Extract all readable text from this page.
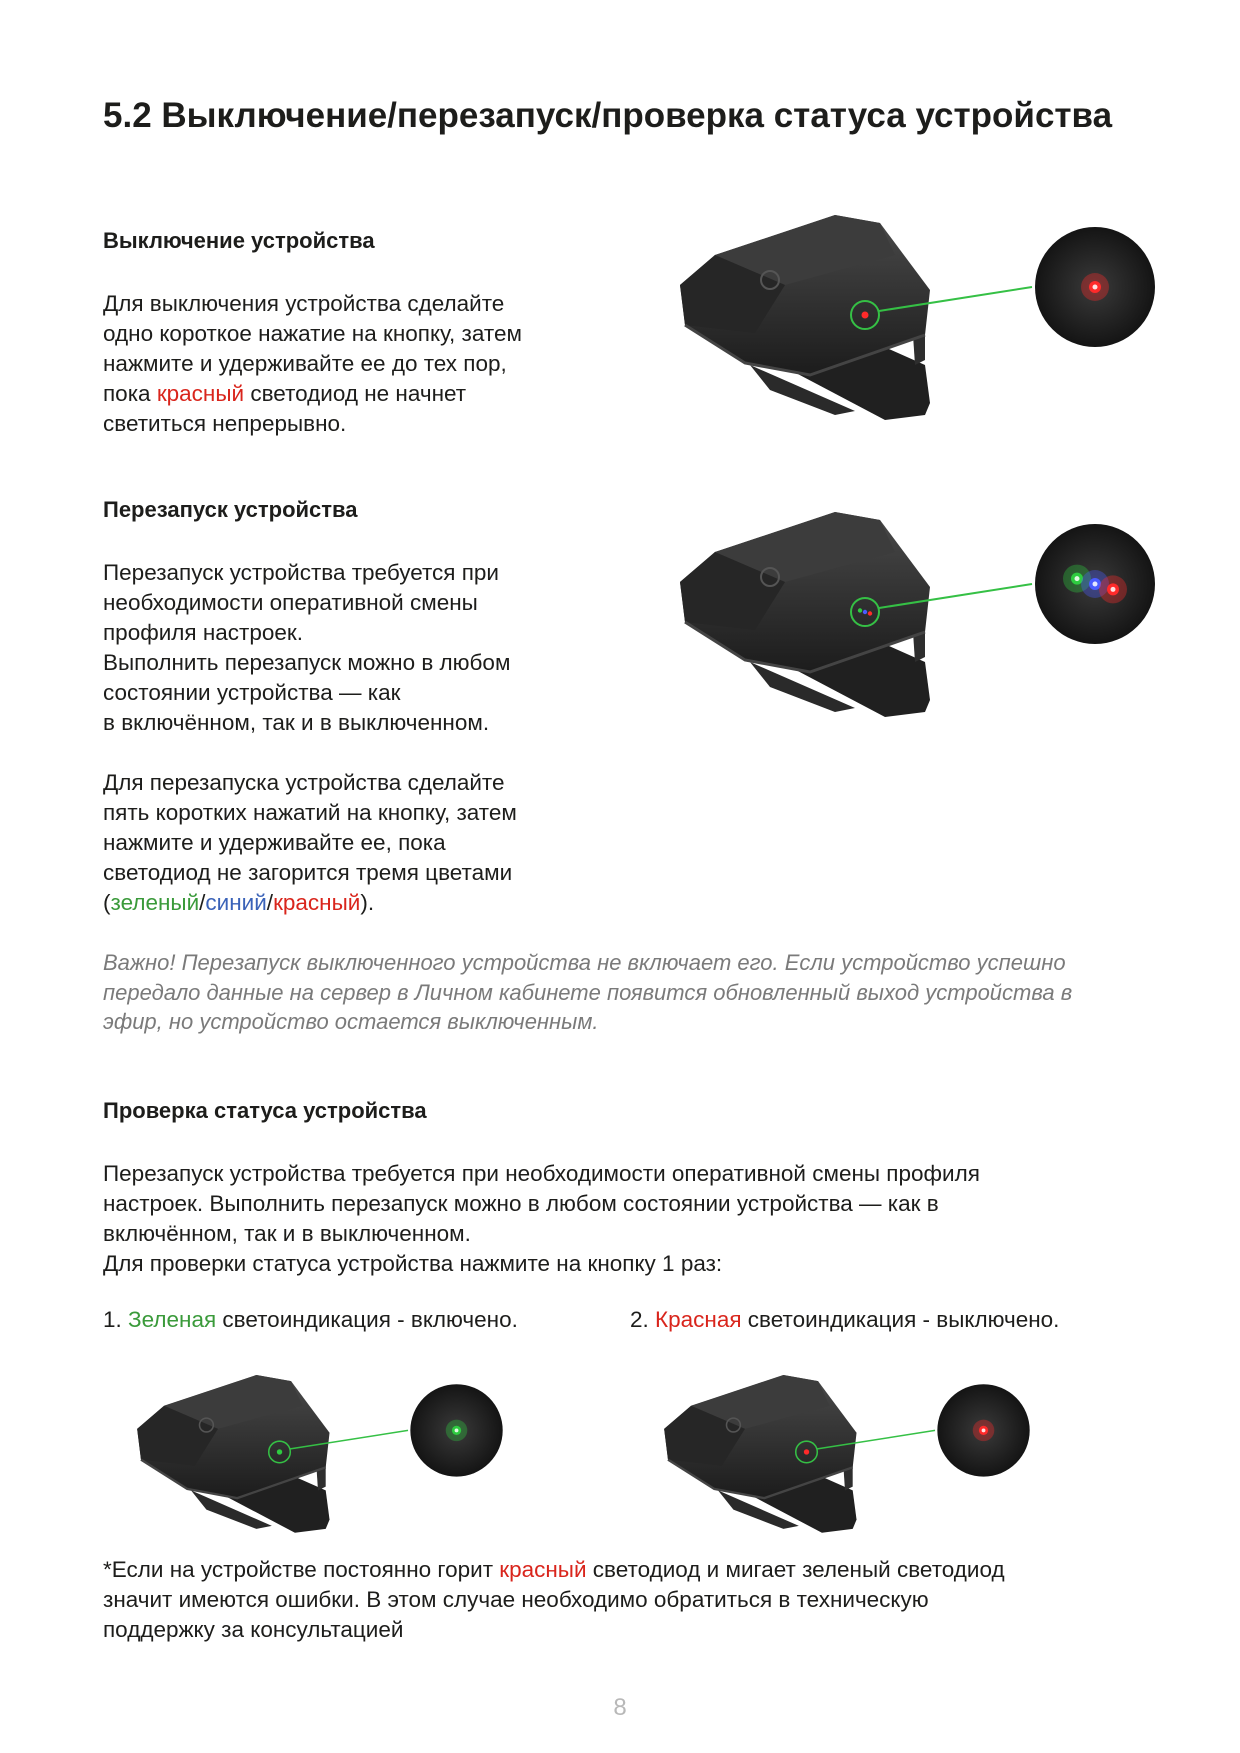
5.2 Выключение/перезапуск/проверка статуса устройства
Выключение устройства
Для выключения устройства сделайте
одно короткое нажатие на кнопку, затем
нажмите и удерживайте ее до тех пор,
пока красный светодиод не начнет
светиться непрерывно.
Перезапуск устройства
Перезапуск устройства требуется при
необходимости оперативной смены
профиля настроек.
Выполнить перезапуск можно в любом
состоянии устройства — как
в включённом, так и в выключенном.
Для перезапуска устройства сделайте
пять коротких нажатий на кнопку, затем
нажмите и удерживайте ее, пока
светодиод не загорится тремя цветами
(зеленый/синий/красный).
Важно! Перезапуск выключенного устройства не включает его. Если устройство успешно
передало данные на сервер в Личном кабинете появится обновленный выход устройства в
эфир, но устройство остается выключенным.
Проверка статуса устройства
Перезапуск устройства требуется при необходимости оперативной смены профиля
настроек. Выполнить перезапуск можно в любом состоянии устройства — как в
включённом, так и в выключенном.
Для проверки статуса устройства нажмите на кнопку 1 раз:
1. Зеленая светоиндикация - включено.	2. Красная светоиндикация - выключено.
*Если на устройстве постоянно горит красный светодиод и мигает зеленый светодиод
значит имеются ошибки. В этом случае необходимо обратиться в техническую
поддержку за консультацией
8
